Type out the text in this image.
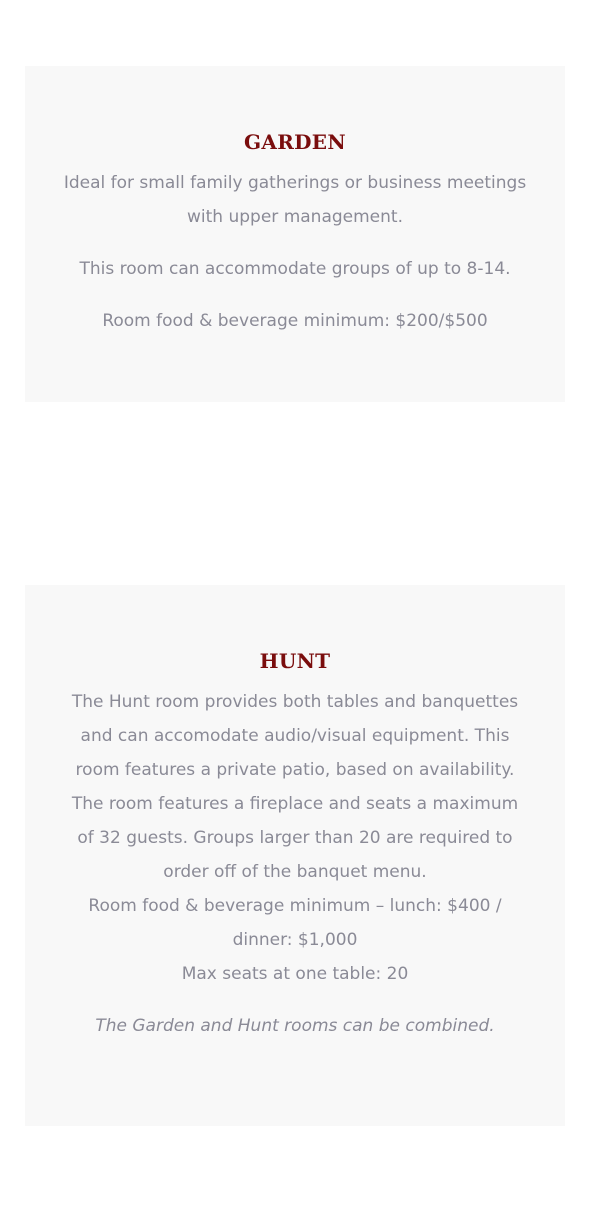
GARDEN

Ideal for small family gatherings or business meetings with upper management.

This room can accommodate groups of up to 8-14.

Room food & beverage minimum: $200/$500

HUNT

The Hunt room provides both tables and banquettes and can accomodate audio/visual equipment. This room features a private patio, based on availability. The room features a fireplace and seats a maximum of 32 guests. Groups larger than 20 are required to order off of the banquet menu.

Room food & beverage minimum – lunch: $400 / dinner: $1,000

Max seats at one table: 20

The Garden and Hunt rooms can be combined.
